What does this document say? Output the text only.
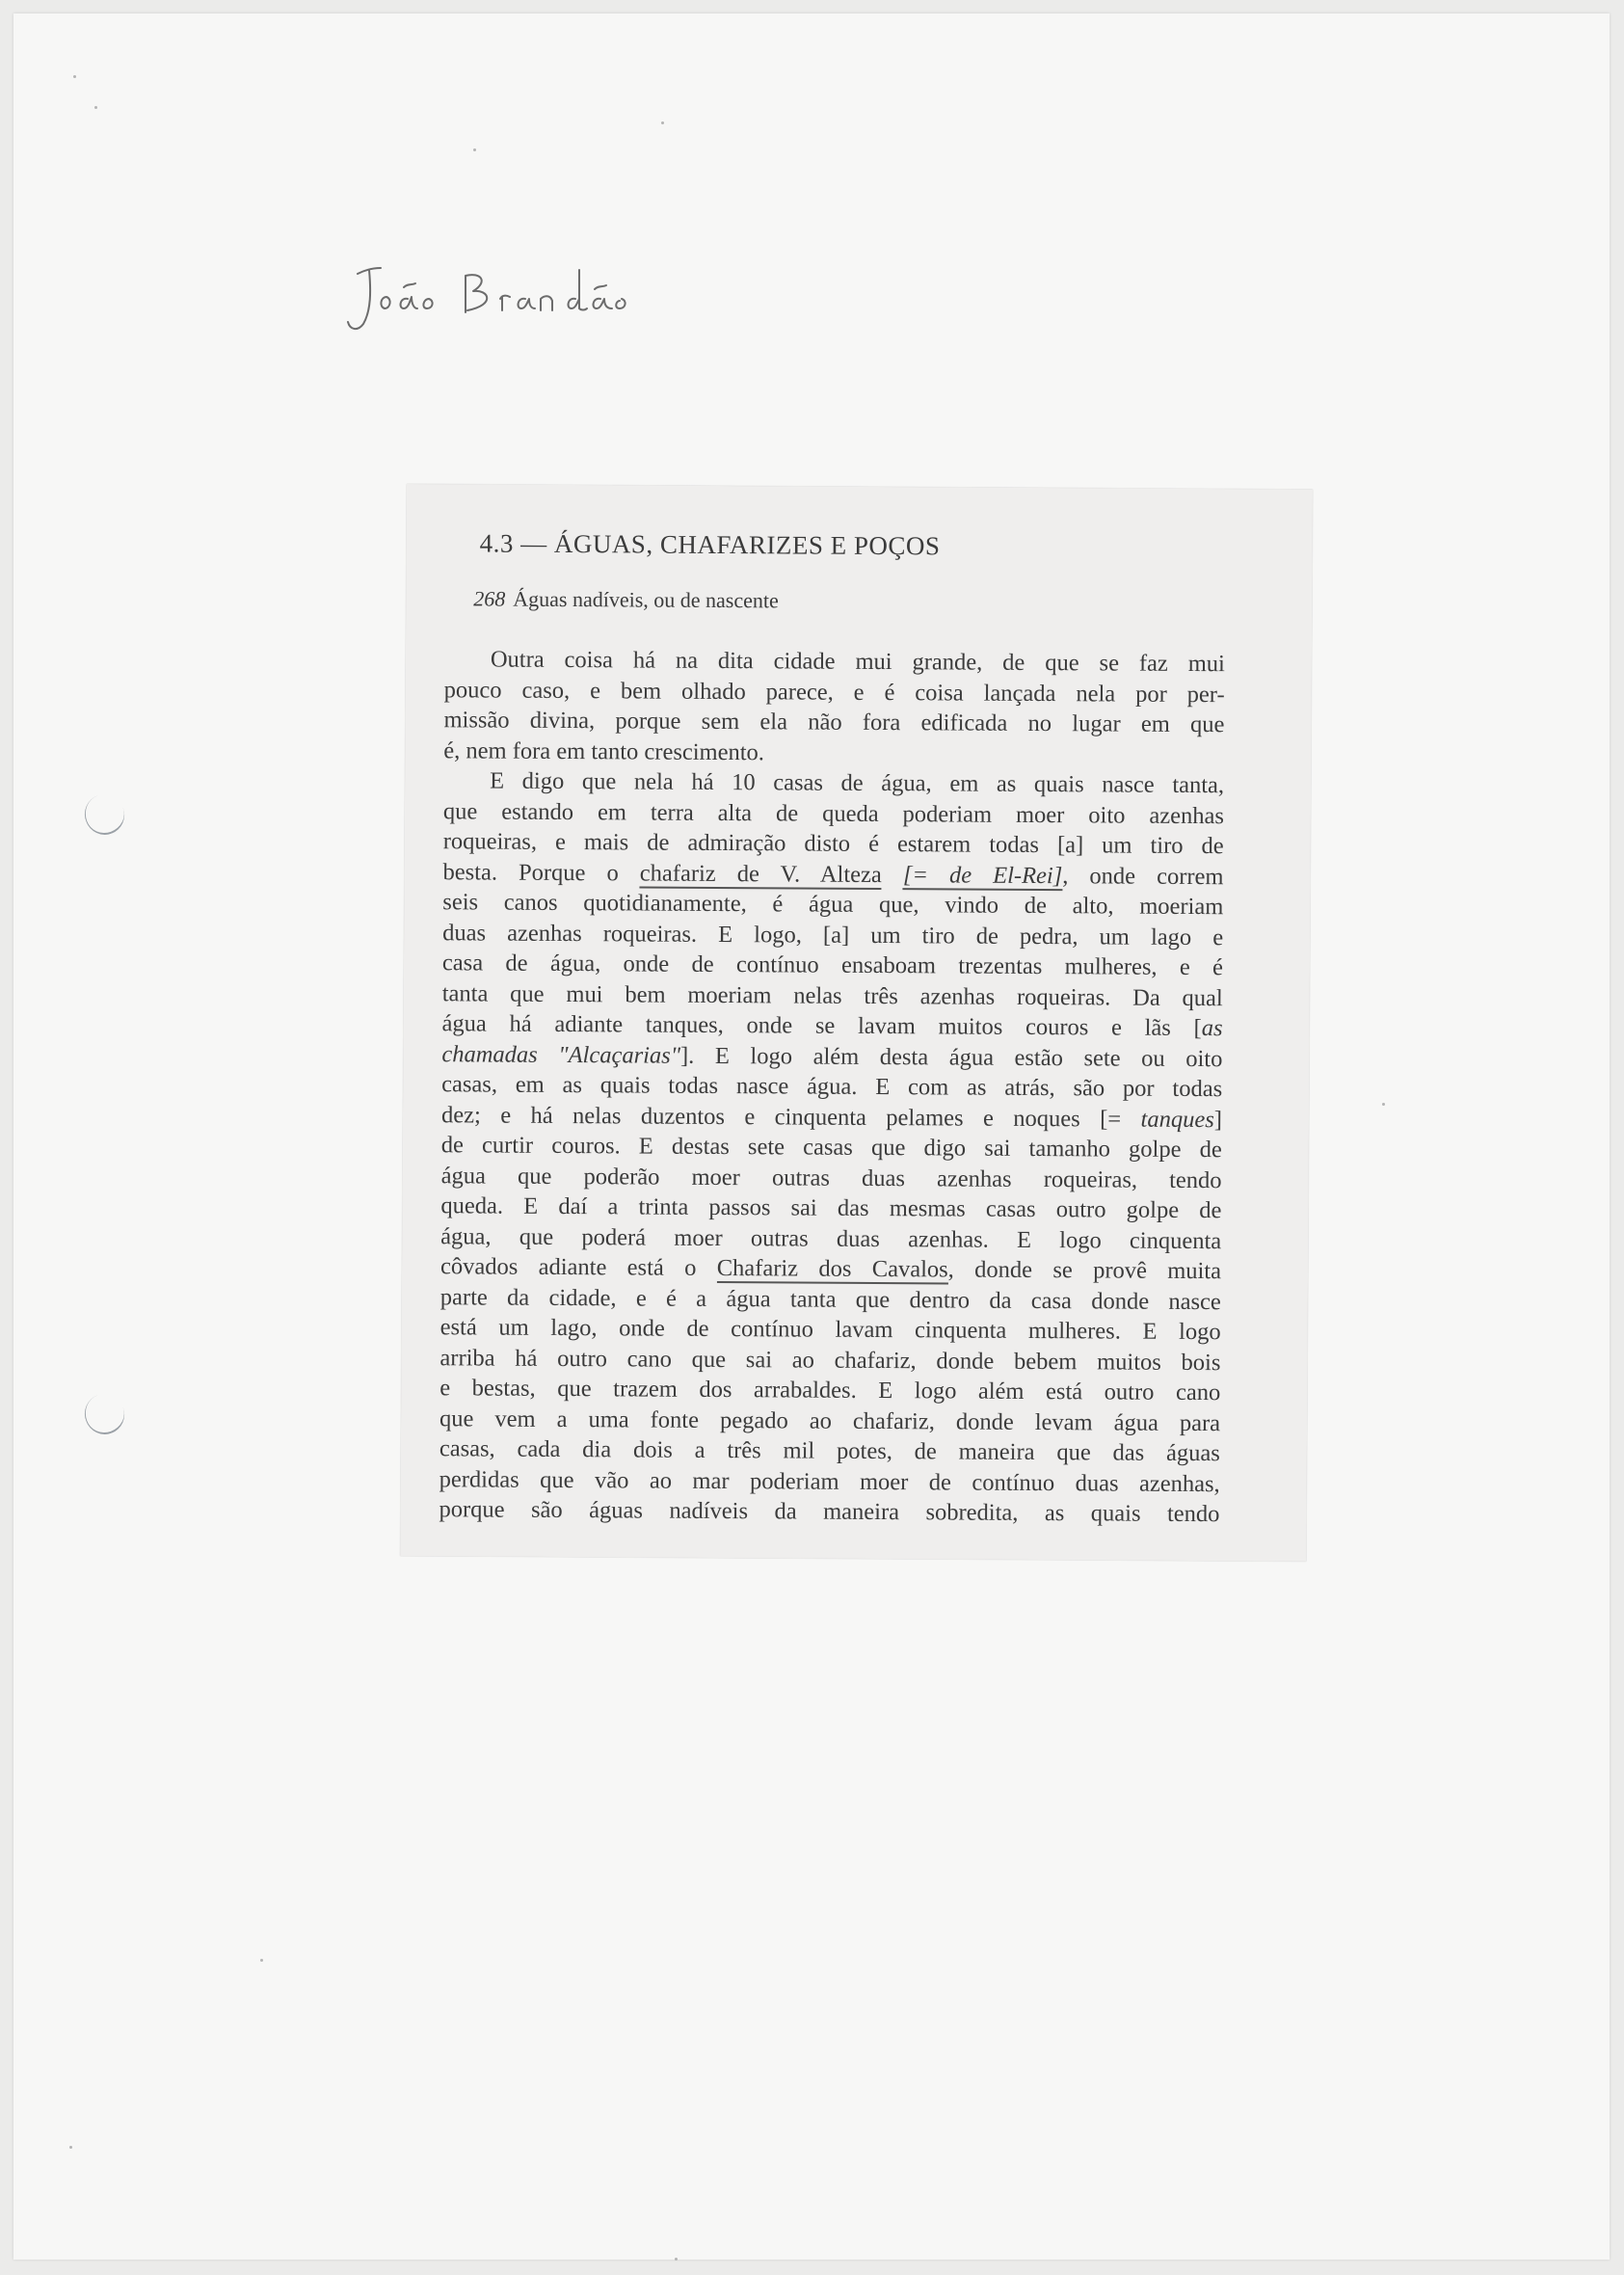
4.3 — ÁGUAS, CHAFARIZES E POÇOS
268 Águas nadíveis, ou de nascente
Outra coisa há na dita cidade mui grande, de que se faz mui
pouco caso, e bem olhado parece, e é coisa lançada nela por per-
missão divina, porque sem ela não fora edificada no lugar em que
é, nem fora em tanto crescimento.
E digo que nela há 10 casas de água, em as quais nasce tanta,
que estando em terra alta de queda poderiam moer oito azenhas
roqueiras, e mais de admiração disto é estarem todas [a] um tiro de
besta. Porque o chafariz de V. Alteza [= de El-Rei], onde correm
seis canos quotidianamente, é água que, vindo de alto, moeriam
duas azenhas roqueiras. E logo, [a] um tiro de pedra, um lago e
casa de água, onde de contínuo ensaboam trezentas mulheres, e é
tanta que mui bem moeriam nelas três azenhas roqueiras. Da qual
água há adiante tanques, onde se lavam muitos couros e lãs [as
chamadas "Alcaçarias"]. E logo além desta água estão sete ou oito
casas, em as quais todas nasce água. E com as atrás, são por todas
dez; e há nelas duzentos e cinquenta pelames e noques [= tanques]
de curtir couros. E destas sete casas que digo sai tamanho golpe de
água que poderão moer outras duas azenhas roqueiras, tendo
queda. E daí a trinta passos sai das mesmas casas outro golpe de
água, que poderá moer outras duas azenhas. E logo cinquenta
côvados adiante está o Chafariz dos Cavalos, donde se provê muita
parte da cidade, e é a água tanta que dentro da casa donde nasce
está um lago, onde de contínuo lavam cinquenta mulheres. E logo
arriba há outro cano que sai ao chafariz, donde bebem muitos bois
e bestas, que trazem dos arrabaldes. E logo além está outro cano
que vem a uma fonte pegado ao chafariz, donde levam água para
casas, cada dia dois a três mil potes, de maneira que das águas
perdidas que vão ao mar poderiam moer de contínuo duas azenhas,
porque são águas nadíveis da maneira sobredita, as quais tendo
